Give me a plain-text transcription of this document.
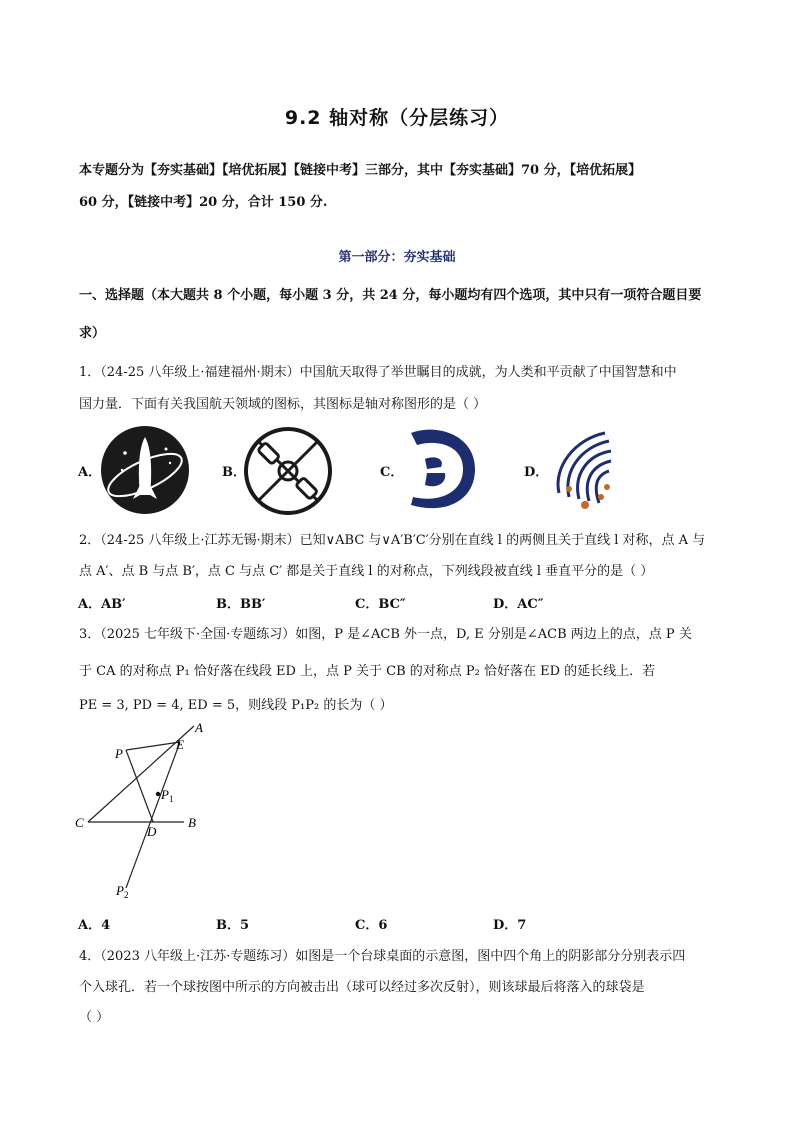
9.2 轴对称（分层练习）
本专题分为【夯实基础】【培优拓展】【链接中考】三部分，其中【夯实基础】70 分，【培优拓展】
60 分，【链接中考】20 分，合计 150 分.
第一部分：夯实基础
一、选择题（本大题共 8 个小题，每小题 3 分，共 24 分，每小题均有四个选项，其中只有一项符合题目要
求）
1．（24-25 八年级上·福建福州·期末）中国航天取得了举世瞩目的成就，为人类和平贡献了中国智慧和中
国力量．下面有关我国航天领域的图标，其图标是轴对称图形的是（ ）
A．	B．	C．	D．
2．（24-25 八年级上·江苏无锡·期末）已知∨ABC 与∨A′B′C′分别在直线 l 的两侧且关于直线 l 对称，点 A 与
点 A′、点 B 与点 B′，点 C 与点 C′ 都是关于直线 l 的对称点，下列线段被直线 l 垂直平分的是（ ）
A．AB′	B．BB′	C．BC″	D．AC″
3．（2025 七年级下·全国·专题练习）如图，P 是∠ACB 外一点，D, E 分别是∠ACB 两边上的点，点 P 关
于 CA 的对称点 P₁ 恰好落在线段 ED 上，点 P 关于 CB 的对称点 P₂ 恰好落在 ED 的延长线上．若
PE = 3, PD = 4, ED = 5，则线段 P₁P₂ 的长为（ ）
A
E
P
P 1
C
D
B
P 2
A．4	B．5	C．6	D．7
4．（2023 八年级上·江苏·专题练习）如图是一个台球桌面的示意图，图中四个角上的阴影部分分别表示四
个入球孔．若一个球按图中所示的方向被击出（球可以经过多次反射），则该球最后将落入的球袋是
（ ）
